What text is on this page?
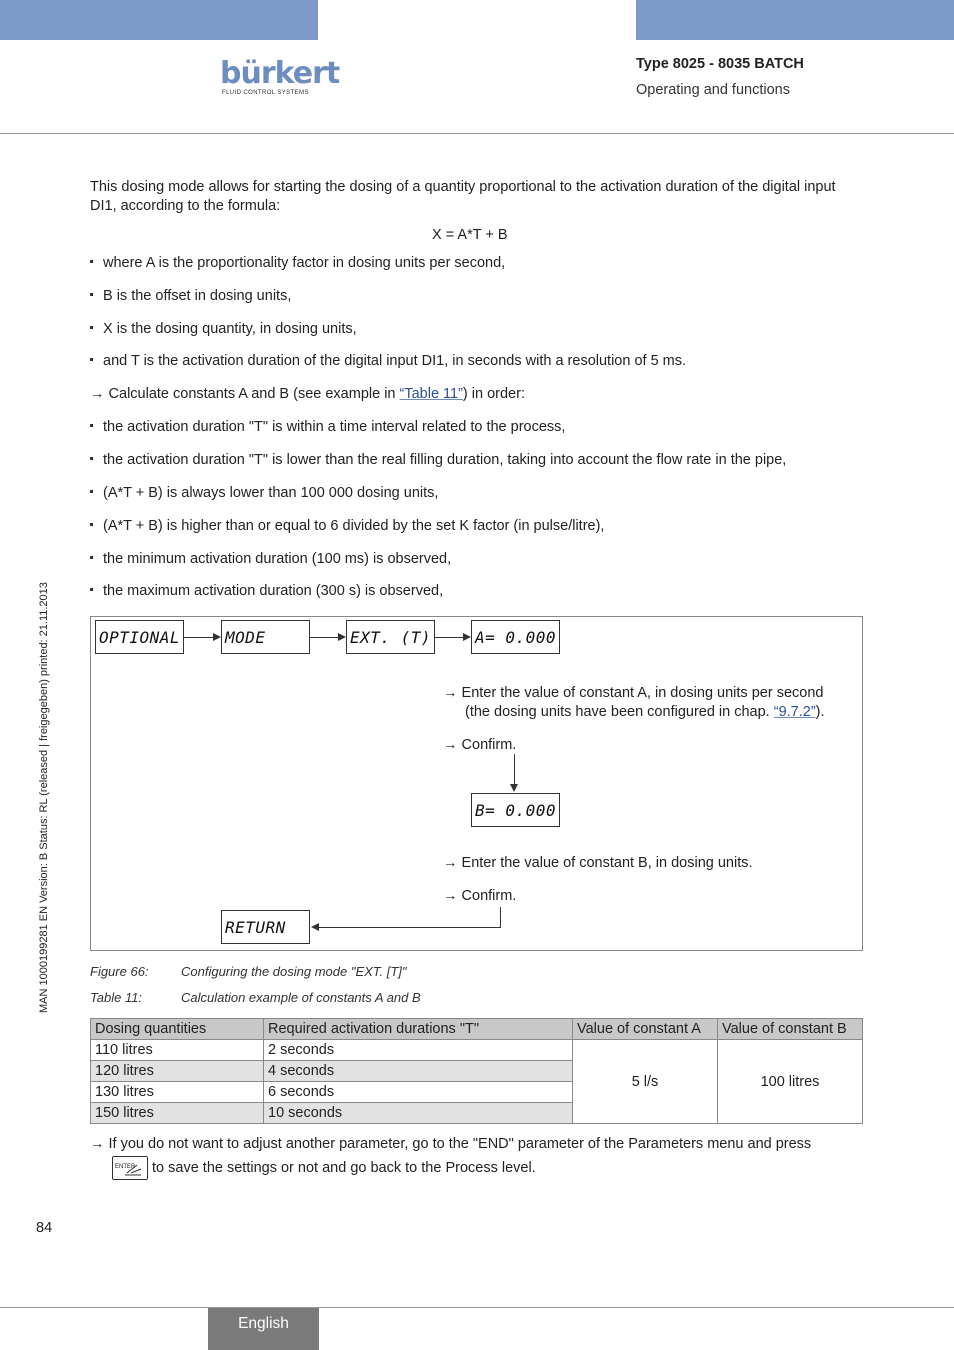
bürkert
FLUID CONTROL SYSTEMS
Type 8025 - 8035 BATCH
Operating and functions
MAN 1000199281 EN Version: B Status: RL (released | freigegeben) printed: 21.11.2013
This dosing mode allows for starting the dosing of a quantity proportional to the activation duration of the digital input DI1, according to the formula:
X = A*T + B
where A is the proportionality factor in dosing units per second,
B is the offset in dosing units,
X is the dosing quantity, in dosing units,
and T is the activation duration of the digital input DI1, in seconds with a resolution of 5 ms.
→ Calculate constants A and B (see example in “Table 11”) in order:
the activation duration "T" is within a time interval related to the process,
the activation duration "T" is lower than the real filling duration, taking into account the flow rate in the pipe,
(A*T + B) is always lower than 100 000 dosing units,
(A*T + B) is higher than or equal to 6 divided by the set K factor (in pulse/litre),
the minimum activation duration (100 ms) is observed,
the maximum activation duration (300 s) is observed,
OPTIONAL	MODE	EXT. (T)	A= 0.000
→ Enter the value of constant A, in dosing units per second
(the dosing units have been configured in chap. “9.7.2”).
→ Confirm.
B= 0.000
→ Enter the value of constant B, in dosing units.
→ Confirm.
RETURN
Figure 66: Configuring the dosing mode "EXT. [T]"
Table 11:	Calculation example of constants A and B
Dosing quantities	Required activation durations "T"	Value of constant A	Value of constant B
110 litres	2 seconds	5 l/s	100 litres
120 litres	4 seconds		
130 litres	6 seconds		
150 litres	10 seconds		
→ If you do not want to adjust another parameter, go to the "END" parameter of the Parameters menu and press
ENTER to save the settings or not and go back to the Process level.
84
English
